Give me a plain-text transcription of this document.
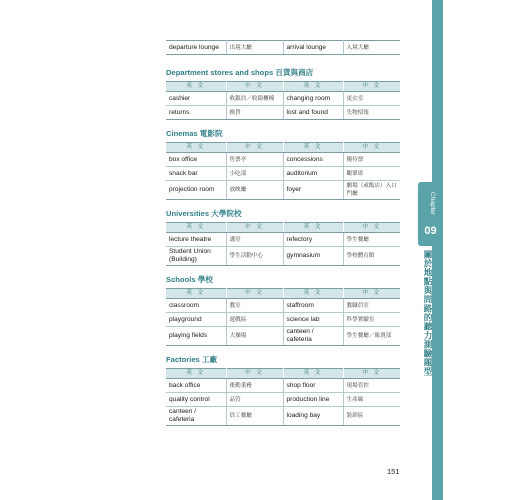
departure lounge	出境大廳	arrival lounge	入境大廳
Department stores and shops 百貨與商店
英 文	中 文	英 文	中 文
cashier	收銀員／收銀櫃檯	changing room	更衣室
returns	換貨	lost and found	失物招領
Cinemas 電影院
英 文	中 文	英 文	中 文
box office	售票亭	concessions	優待票
snack bar	小吃部	auditorium	觀眾席
projection room	放映廳	foyer	劇場（或飯店）入口門廳
Universities 大學院校
英 文	中 文	英 文	中 文
lecture theatre	講堂	refectory	學生餐廳
Student Union (Building)	學生活動中心	gymnasium	學校體育館
Schools 學校
英 文	中 文	英 文	中 文
classroom	教室	staffroom	教職員室
playground	遊戲區	science lab	科學實驗室
playing fields	大操場	canteen / cafeteria	學生餐廳／販賣部
Factories 工廠
英 文	中 文	英 文	中 文
back office	後勤業務	shop floor	現場管控
quality control	品管	production line	生產線
canteen / cafeteria	員工餐廳	loading bay	裝卸區
Chapter
09
關於地點與問路的聽力測驗題型
151
